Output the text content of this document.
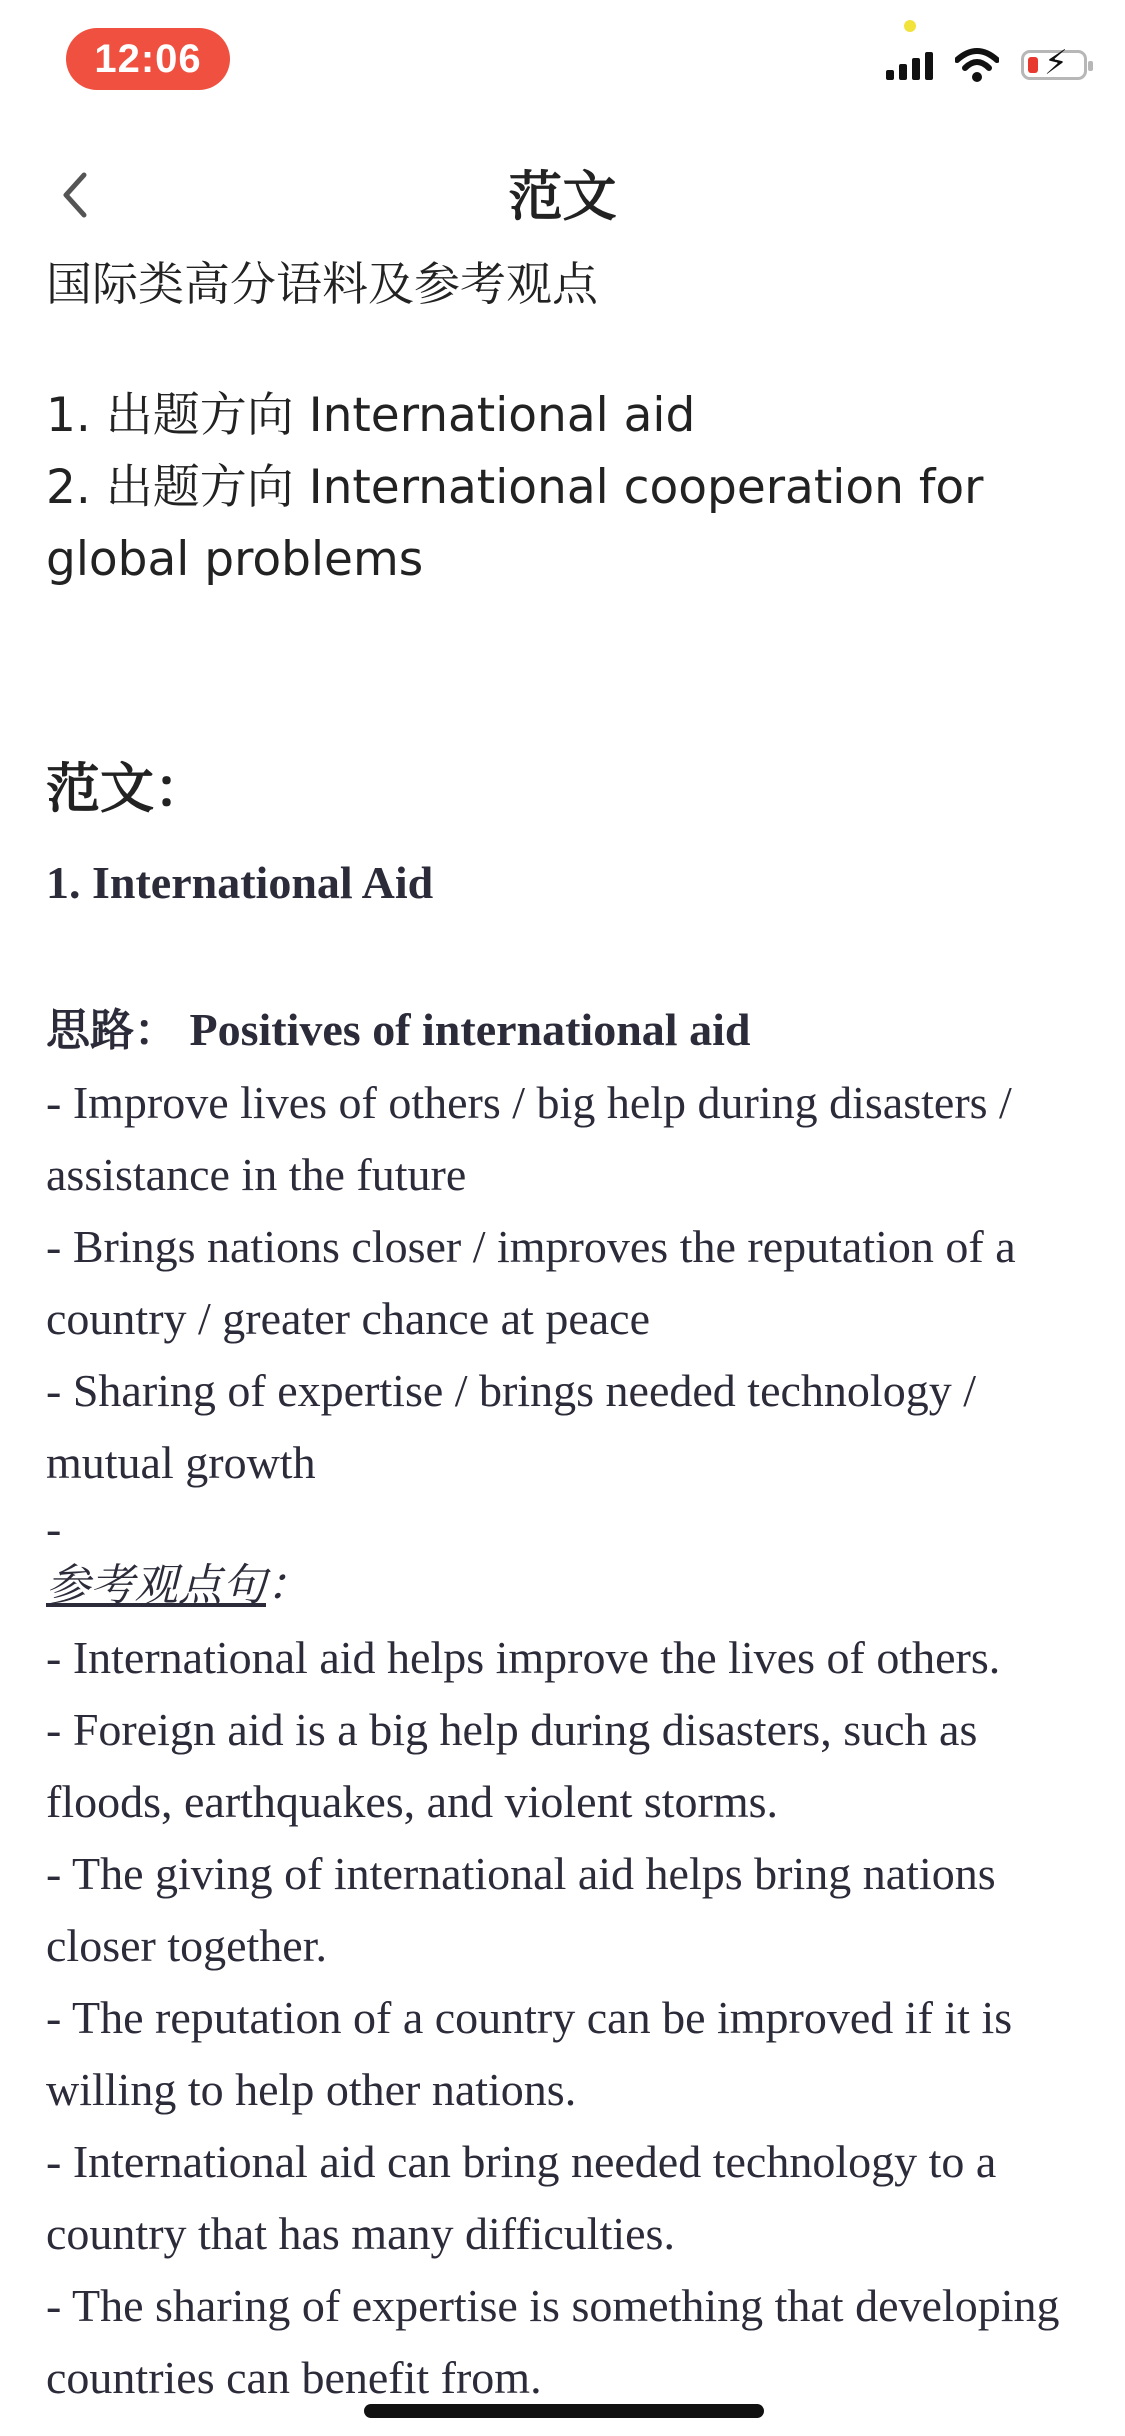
12:06	⚡
范文

国际类高分语料及参考观点

1. 出题方向 International aid
2. 出题方向 International cooperation for global problems
范文：
1. International Aid
思路： Positives of international aid
- Improve lives of others / big help during disasters / assistance in the future
- Brings nations closer / improves the reputation of a country / greater chance at peace
- Sharing of expertise / brings needed technology / mutual growth
-
参考观点句：
- International aid helps improve the lives of others.
- Foreign aid is a big help during disasters, such as floods, earthquakes, and violent storms.
- The giving of international aid helps bring nations closer together.
- The reputation of a country can be improved if it is willing to help other nations.
- International aid can bring needed technology to a country that has many difficulties.
- The sharing of expertise is something that developing countries can benefit from.
